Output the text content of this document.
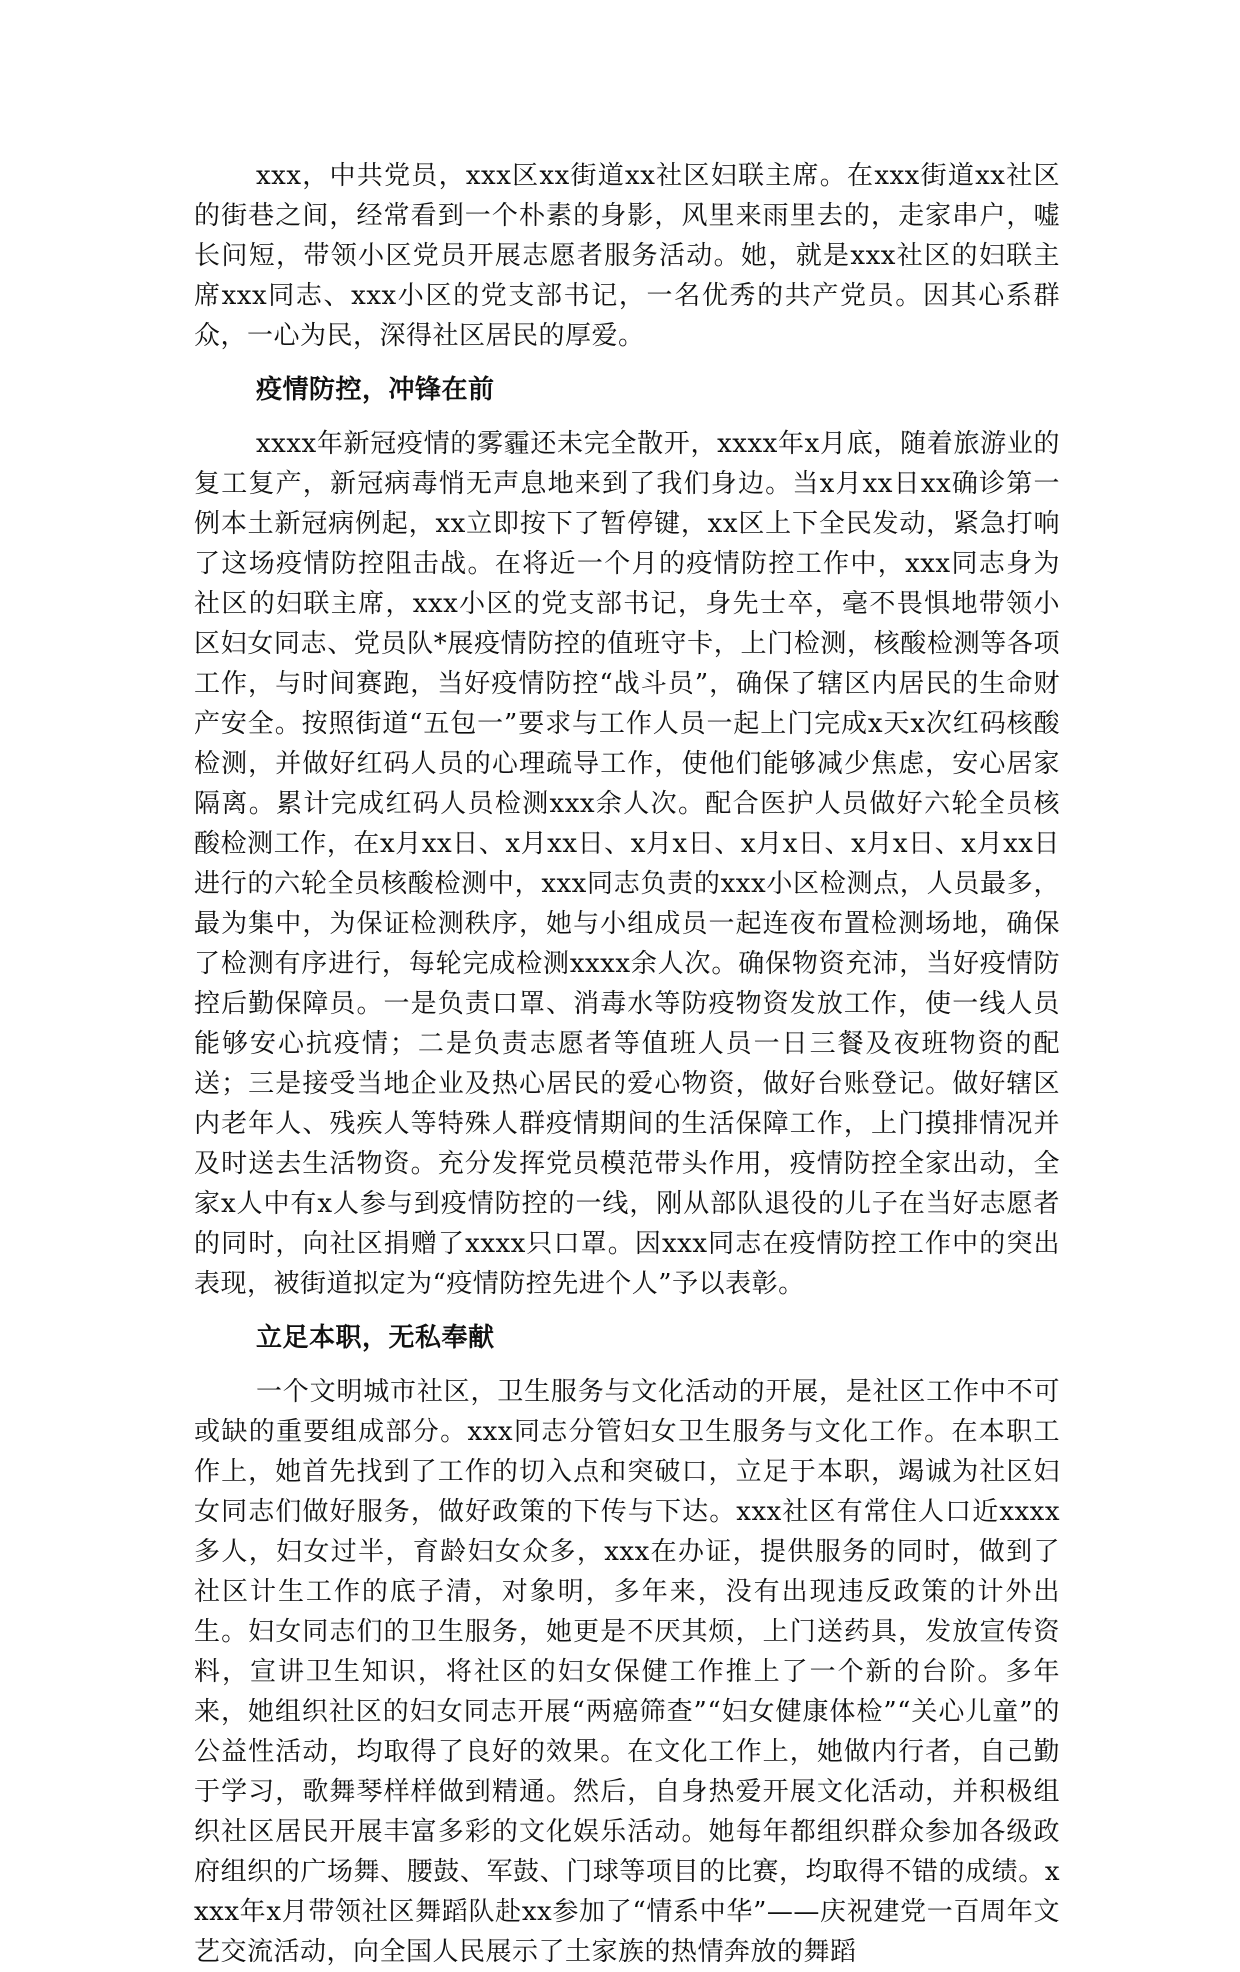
xxx，中共党员，xxx区xx街道xx社区妇联主席。在xxx街道xx社区的街巷之间，经常看到一个朴素的身影，风里来雨里去的，走家串户，嘘长问短，带领小区党员开展志愿者服务活动。她，就是xxx社区的妇联主席xxx同志、xxx小区的党支部书记，一名优秀的共产党员。因其心系群众，一心为民，深得社区居民的厚爱。

疫情防控，冲锋在前

xxxx年新冠疫情的雾霾还未完全散开，xxxx年x月底，随着旅游业的复工复产，新冠病毒悄无声息地来到了我们身边。当x月xx日xx确诊第一例本土新冠病例起，xx立即按下了暂停键，xx区上下全民发动，紧急打响了这场疫情防控阻击战。在将近一个月的疫情防控工作中，xxx同志身为社区的妇联主席，xxx小区的党支部书记，身先士卒，毫不畏惧地带领小区妇女同志、党员队*展疫情防控的值班守卡，上门检测，核酸检测等各项工作，与时间赛跑，当好疫情防控“战斗员”，确保了辖区内居民的生命财产安全。按照街道“五包一”要求与工作人员一起上门完成x天x次红码核酸检测，并做好红码人员的心理疏导工作，使他们能够减少焦虑，安心居家隔离。累计完成红码人员检测xxx余人次。配合医护人员做好六轮全员核酸检测工作，在x月xx日、x月xx日、x月x日、x月x日、x月x日、x月xx日进行的六轮全员核酸检测中，xxx同志负责的xxx小区检测点，人员最多，最为集中，为保证检测秩序，她与小组成员一起连夜布置检测场地，确保了检测有序进行，每轮完成检测xxxx余人次。确保物资充沛，当好疫情防控后勤保障员。一是负责口罩、消毒水等防疫物资发放工作，使一线人员能够安心抗疫情；二是负责志愿者等值班人员一日三餐及夜班物资的配送；三是接受当地企业及热心居民的爱心物资，做好台账登记。做好辖区内老年人、残疾人等特殊人群疫情期间的生活保障工作，上门摸排情况并及时送去生活物资。充分发挥党员模范带头作用，疫情防控全家出动，全家x人中有x人参与到疫情防控的一线，刚从部队退役的儿子在当好志愿者的同时，向社区捐赠了xxxx只口罩。因xxx同志在疫情防控工作中的突出表现，被街道拟定为“疫情防控先进个人”予以表彰。

立足本职，无私奉献

一个文明城市社区，卫生服务与文化活动的开展，是社区工作中不可或缺的重要组成部分。xxx同志分管妇女卫生服务与文化工作。在本职工作上，她首先找到了工作的切入点和突破口，立足于本职，竭诚为社区妇女同志们做好服务，做好政策的下传与下达。xxx社区有常住人口近xxxx多人，妇女过半，育龄妇女众多，xxx在办证，提供服务的同时，做到了社区计生工作的底子清，对象明，多年来，没有出现违反政策的计外出生。妇女同志们的卫生服务，她更是不厌其烦，上门送药具，发放宣传资料，宣讲卫生知识，将社区的妇女保健工作推上了一个新的台阶。多年来，她组织社区的妇女同志开展“两癌筛查”“妇女健康体检”“关心儿童”的公益性活动，均取得了良好的效果。在文化工作上，她做内行者，自己勤于学习，歌舞琴样样做到精通。然后，自身热爱开展文化活动，并积极组织社区居民开展丰富多彩的文化娱乐活动。她每年都组织群众参加各级政府组织的广场舞、腰鼓、军鼓、门球等项目的比赛，均取得不错的成绩。xxxx年x月带领社区舞蹈队赴xx参加了“情系中华”——庆祝建党一百周年文艺交流活动，向全国人民展示了土家族的热情奔放的舞蹈
